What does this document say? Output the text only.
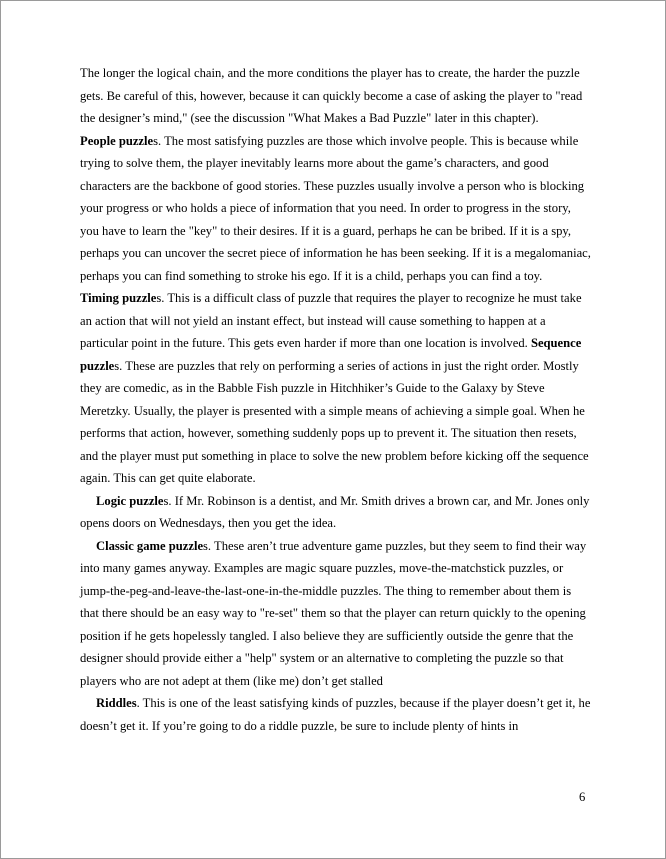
The longer the logical chain, and the more conditions the player has to create, the harder the puzzle gets. Be careful of this, however, because it can quickly become a case of asking the player to "read the designer’s mind," (see the discussion "What Makes a Bad Puzzle" later in this chapter).

People puzzles. The most satisfying puzzles are those which involve people. This is because while trying to solve them, the player inevitably learns more about the game’s characters, and good characters are the backbone of good stories. These puzzles usually involve a person who is blocking your progress or who holds a piece of information that you need. In order to progress in the story, you have to learn the "key" to their desires. If it is a guard, perhaps he can be bribed. If it is a spy, perhaps you can uncover the secret piece of information he has been seeking. If it is a megalomaniac, perhaps you can find something to stroke his ego. If it is a child, perhaps you can find a toy.

Timing puzzles. This is a difficult class of puzzle that requires the player to recognize he must take an action that will not yield an instant effect, but instead will cause something to happen at a particular point in the future. This gets even harder if more than one location is involved. Sequence puzzles. These are puzzles that rely on performing a series of actions in just the right order. Mostly they are comedic, as in the Babble Fish puzzle in Hitchhiker’s Guide to the Galaxy by Steve Meretzky. Usually, the player is presented with a simple means of achieving a simple goal. When he performs that action, however, something suddenly pops up to prevent it. The situation then resets, and the player must put something in place to solve the new problem before kicking off the sequence again. This can get quite elaborate.

Logic puzzles. If Mr. Robinson is a dentist, and Mr. Smith drives a brown car, and Mr. Jones only opens doors on Wednesdays, then you get the idea.

Classic game puzzles. These aren’t true adventure game puzzles, but they seem to find their way into many games anyway. Examples are magic square puzzles, move-the-matchstick puzzles, or jump-the-peg-and-leave-the-last-one-in-the-middle puzzles. The thing to remember about them is that there should be an easy way to "re-set" them so that the player can return quickly to the opening position if he gets hopelessly tangled. I also believe they are sufficiently outside the genre that the designer should provide either a "help" system or an alternative to completing the puzzle so that players who are not adept at them (like me) don’t get stalled

Riddles. This is one of the least satisfying kinds of puzzles, because if the player doesn’t get it, he doesn’t get it. If you’re going to do a riddle puzzle, be sure to include plenty of hints in

6
